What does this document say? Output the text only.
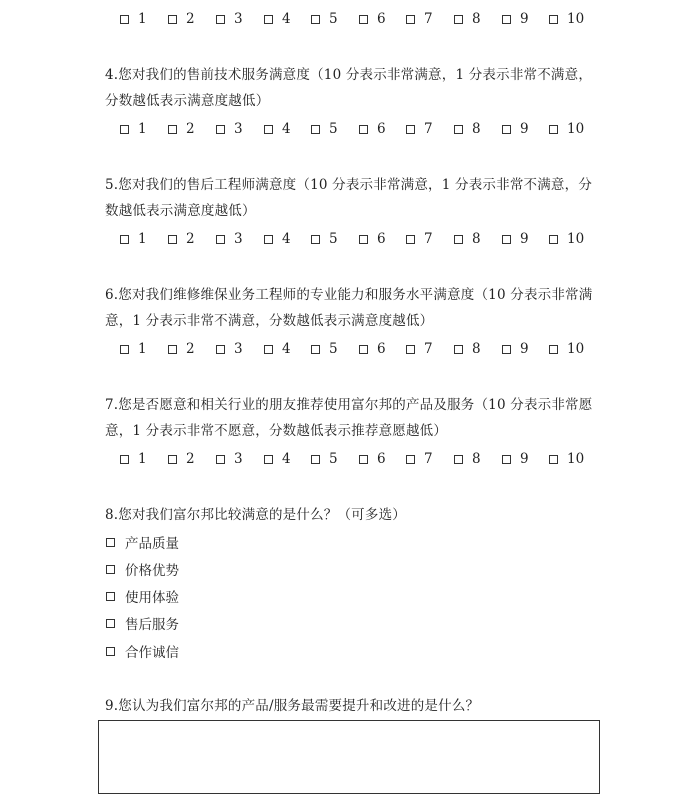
1	2	3	4	5	6	7	8	9	10
4.您对我们的售前技术服务满意度（10 分表示非常满意，1 分表示非常不满意，分数越低表示满意度越低）
1	2	3	4	5	6	7	8	9	10
5.您对我们的售后工程师满意度（10 分表示非常满意，1 分表示非常不满意，分数越低表示满意度越低）
1	2	3	4	5	6	7	8	9	10
6.您对我们维修维保业务工程师的专业能力和服务水平满意度（10 分表示非常满意，1 分表示非常不满意，分数越低表示满意度越低）
1	2	3	4	5	6	7	8	9	10
7.您是否愿意和相关行业的朋友推荐使用富尔邦的产品及服务（10 分表示非常愿意，1 分表示非常不愿意，分数越低表示推荐意愿越低）
1	2	3	4	5	6	7	8	9	10
8.您对我们富尔邦比较满意的是什么？（可多选）
产品质量
价格优势
使用体验
售后服务
合作诚信
9.您认为我们富尔邦的产品/服务最需要提升和改进的是什么？
